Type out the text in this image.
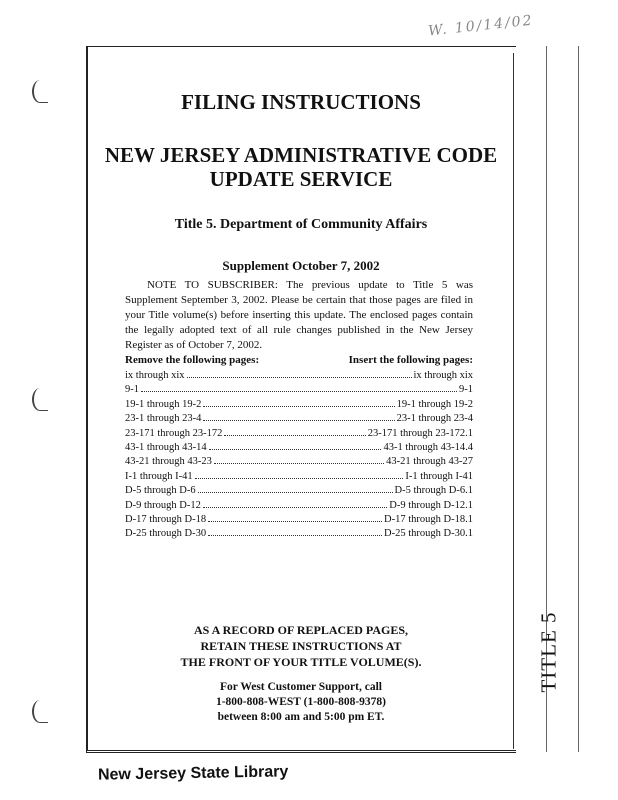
W. 10/14/02
TITLE 5
FILING INSTRUCTIONS
NEW JERSEY ADMINISTRATIVE CODE
UPDATE SERVICE
Title 5. Department of Community Affairs
Supplement October 7, 2002

NOTE TO SUBSCRIBER: The previous update to Title 5 was Supplement September 3, 2002. Please be certain that those pages are filed in your Title volume(s) before inserting this update. The enclosed pages contain the legally adopted text of all rule changes published in the New Jersey Register as of October 7, 2002.

Remove the following pages:	Insert the following pages:
ix through xix	ix through xix
9-1	9-1
19-1 through 19-2	19-1 through 19-2
23-1 through 23-4	23-1 through 23-4
23-171 through 23-172	23-171 through 23-172.1
43-1 through 43-14	43-1 through 43-14.4
43-21 through 43-23	43-21 through 43-27
I-1 through I-41	I-1 through I-41
D-5 through D-6	D-5 through D-6.1
D-9 through D-12	D-9 through D-12.1
D-17 through D-18	D-17 through D-18.1
D-25 through D-30	D-25 through D-30.1
AS A RECORD OF REPLACED PAGES,
RETAIN THESE INSTRUCTIONS AT
THE FRONT OF YOUR TITLE VOLUME(S).
For West Customer Support, call
1-800-808-WEST (1-800-808-9378)
between 8:00 am and 5:00 pm ET.
New Jersey State Library
